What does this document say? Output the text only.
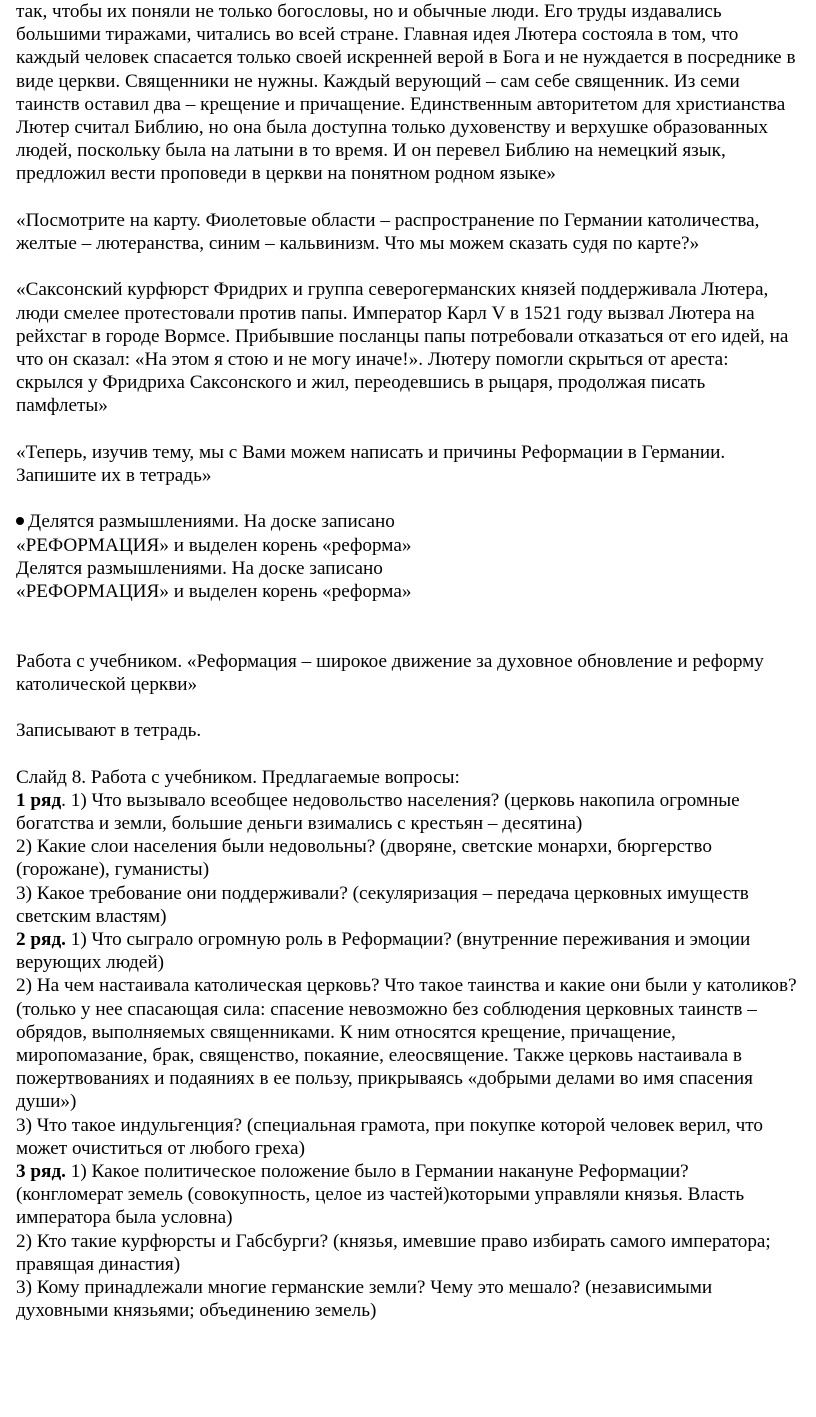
так, чтобы их поняли не только богословы, но и обычные люди. Его труды издавались большими тиражами, читались во всей стране. Главная идея Лютера состояла в том, что каждый человек спасается только своей искренней верой в Бога и не нуждается в посреднике в виде церкви. Священники не нужны. Каждый верующий – сам себе священник. Из семи таинств оставил два – крещение и причащение. Единственным авторитетом для христианства Лютер считал Библию, но она была доступна только духовенству и верхушке образованных людей, поскольку была на латыни в то время. И он перевел Библию на немецкий язык, предложил вести проповеди в церкви на понятном родном языке»

«Посмотрите на карту. Фиолетовые области – распространение по Германии католичества, желтые – лютеранства, синим – кальвинизм. Что мы можем сказать судя по карте?»

«Саксонский курфюрст Фридрих и группа северогерманских князей поддерживала Лютера, люди смелее протестовали против папы. Император Карл V в 1521 году вызвал Лютера на рейхстаг в городе Вормсе. Прибывшие посланцы папы потребовали отказаться от его идей, на что он сказал: «На этом я стою и не могу иначе!». Лютеру помогли скрыться от ареста: скрылся у Фридриха Саксонского и жил, переодевшись в рыцаря, продолжая писать памфлеты»

«Теперь, изучив тему, мы с Вами можем написать и причины Реформации в Германии. Запишите их в тетрадь»

Делятся размышлениями. На доске записано

«РЕФОРМАЦИЯ» и выделен корень «реформа»

Делятся размышлениями. На доске записано

«РЕФОРМАЦИЯ» и выделен корень «реформа»

Работа с учебником. «Реформация – широкое движение за духовное обновление и реформу католической церкви»

Записывают в тетрадь.

Слайд 8. Работа с учебником. Предлагаемые вопросы:

1 ряд. 1) Что вызывало всеобщее недовольство населения? (церковь накопила огромные богатства и земли, большие деньги взимались с крестьян – десятина)

2) Какие слои населения были недовольны? (дворяне, светские монархи, бюргерство (горожане), гуманисты)

3) Какое требование они поддерживали? (секуляризация – передача церковных имуществ светским властям)

2 ряд. 1) Что сыграло огромную роль в Реформации? (внутренние переживания и эмоции верующих людей)

2) На чем настаивала католическая церковь? Что такое таинства и какие они были у католиков? (только у нее спасающая сила: спасение невозможно без соблюдения церковных таинств – обрядов, выполняемых священниками. К ним относятся крещение, причащение, миропомазание, брак, священство, покаяние, елеосвящение. Также церковь настаивала в пожертвованиях и подаяниях в ее пользу, прикрываясь «добрыми делами во имя спасения души»)

3) Что такое индульгенция? (специальная грамота, при покупке которой человек верил, что может очиститься от любого греха)

3 ряд. 1) Какое политическое положение было в Германии накануне Реформации? (конгломерат земель (совокупность, целое из частей)которыми управляли князья. Власть императора была условна)

2) Кто такие курфюрсты и Габсбурги? (князья, имевшие право избирать самого императора; правящая династия)

3) Кому принадлежали многие германские земли? Чему это мешало? (независимыми духовными князьями; объединению земель)
